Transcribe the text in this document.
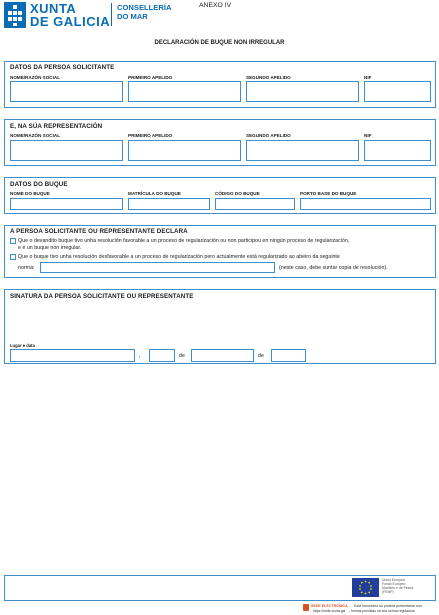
XUNTA
DE GALICIA
CONSELLERÍA
DO MAR
ANEXO IV
DECLARACIÓN DE BUQUE NON IRREGULAR
DATOS DA PERSOA SOLICITANTE
NOME/RAZÓN SOCIAL	PRIMEIRO APELIDO	SEGUNDO APELIDO	NIF
E, NA SÚA REPRESENTACIÓN
NOME/RAZÓN SOCIAL	PRIMEIRO APELIDO	SEGUNDO APELIDO	NIF
DATOS DO BUQUE
NOME DO BUQUE	MATRÍCULA DO BUQUE	CÓDIGO DO BUQUE	PORTO BASE DO BUQUE
A PERSOA SOLICITANTE OU REPRESENTANTE DECLARA
Que o devandito buque tivo unha resolución favorable a un proceso de regularización ou non participou en ningún proceso de regularización,
e é un buque non irregular.
Que o buque tivo unha resolución desfavorable a un proceso de regularización pero actualmente está regularizado ao abeiro da seguinte
norma:	(neste caso, debe xuntar copia de resolución).
SINATURA DA PERSOA SOLICITANTE OU REPRESENTANTE
Lugar e data
,	de	de
Unión Europea
Fondo Europeo
Marítimo e de Pesca
(FEMP)
SEDE ELECTRÓNICA Este formulario só poderá presentarse nos
https://sede.xunta.gal - formas previstas na súa norma reguladora
